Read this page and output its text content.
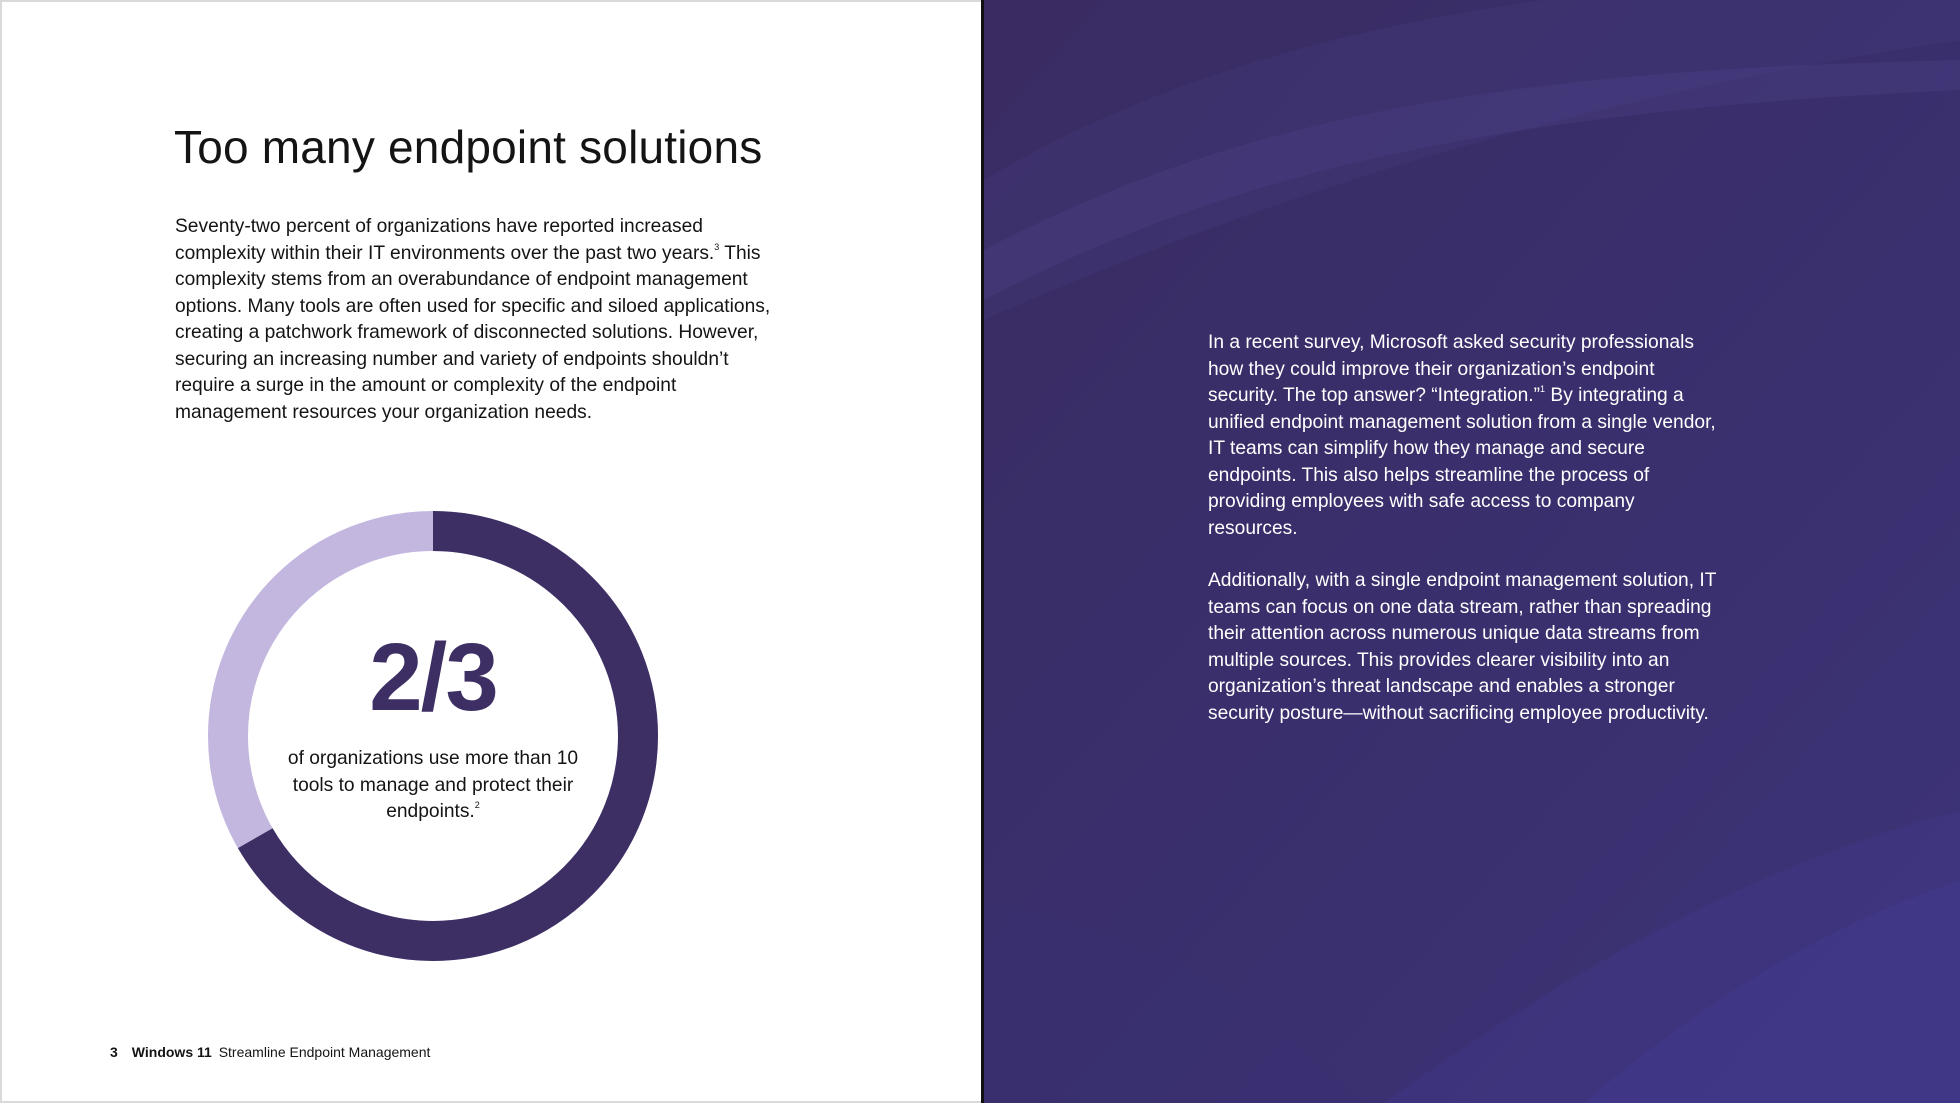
Too many endpoint solutions

Seventy-two percent of organizations have reported increased complexity within their IT environments over the past two years.$^3$ This complexity stems from an overabundance of endpoint management options. Many tools are often used for specific and siloed applications, creating a patchwork framework of disconnected solutions. However, securing an increasing number and variety of endpoints shouldn’t require a surge in the amount or complexity of the endpoint management resources your organization needs.

2/3
of organizations use more than 10 tools to manage and protect their endpoints.$^2$
3 Windows 11 Streamline Endpoint Management

In a recent survey, Microsoft asked security professionals how they could improve their organization’s endpoint security. The top answer? “Integration.”$^1$ By integrating a unified endpoint management solution from a single vendor, IT teams can simplify how they manage and secure endpoints. This also helps streamline the process of providing employees with safe access to company resources.

Additionally, with a single endpoint management solution, IT teams can focus on one data stream, rather than spreading their attention across numerous unique data streams from multiple sources. This provides clearer visibility into an organization’s threat landscape and enables a stronger security posture—without sacrificing employee productivity.
